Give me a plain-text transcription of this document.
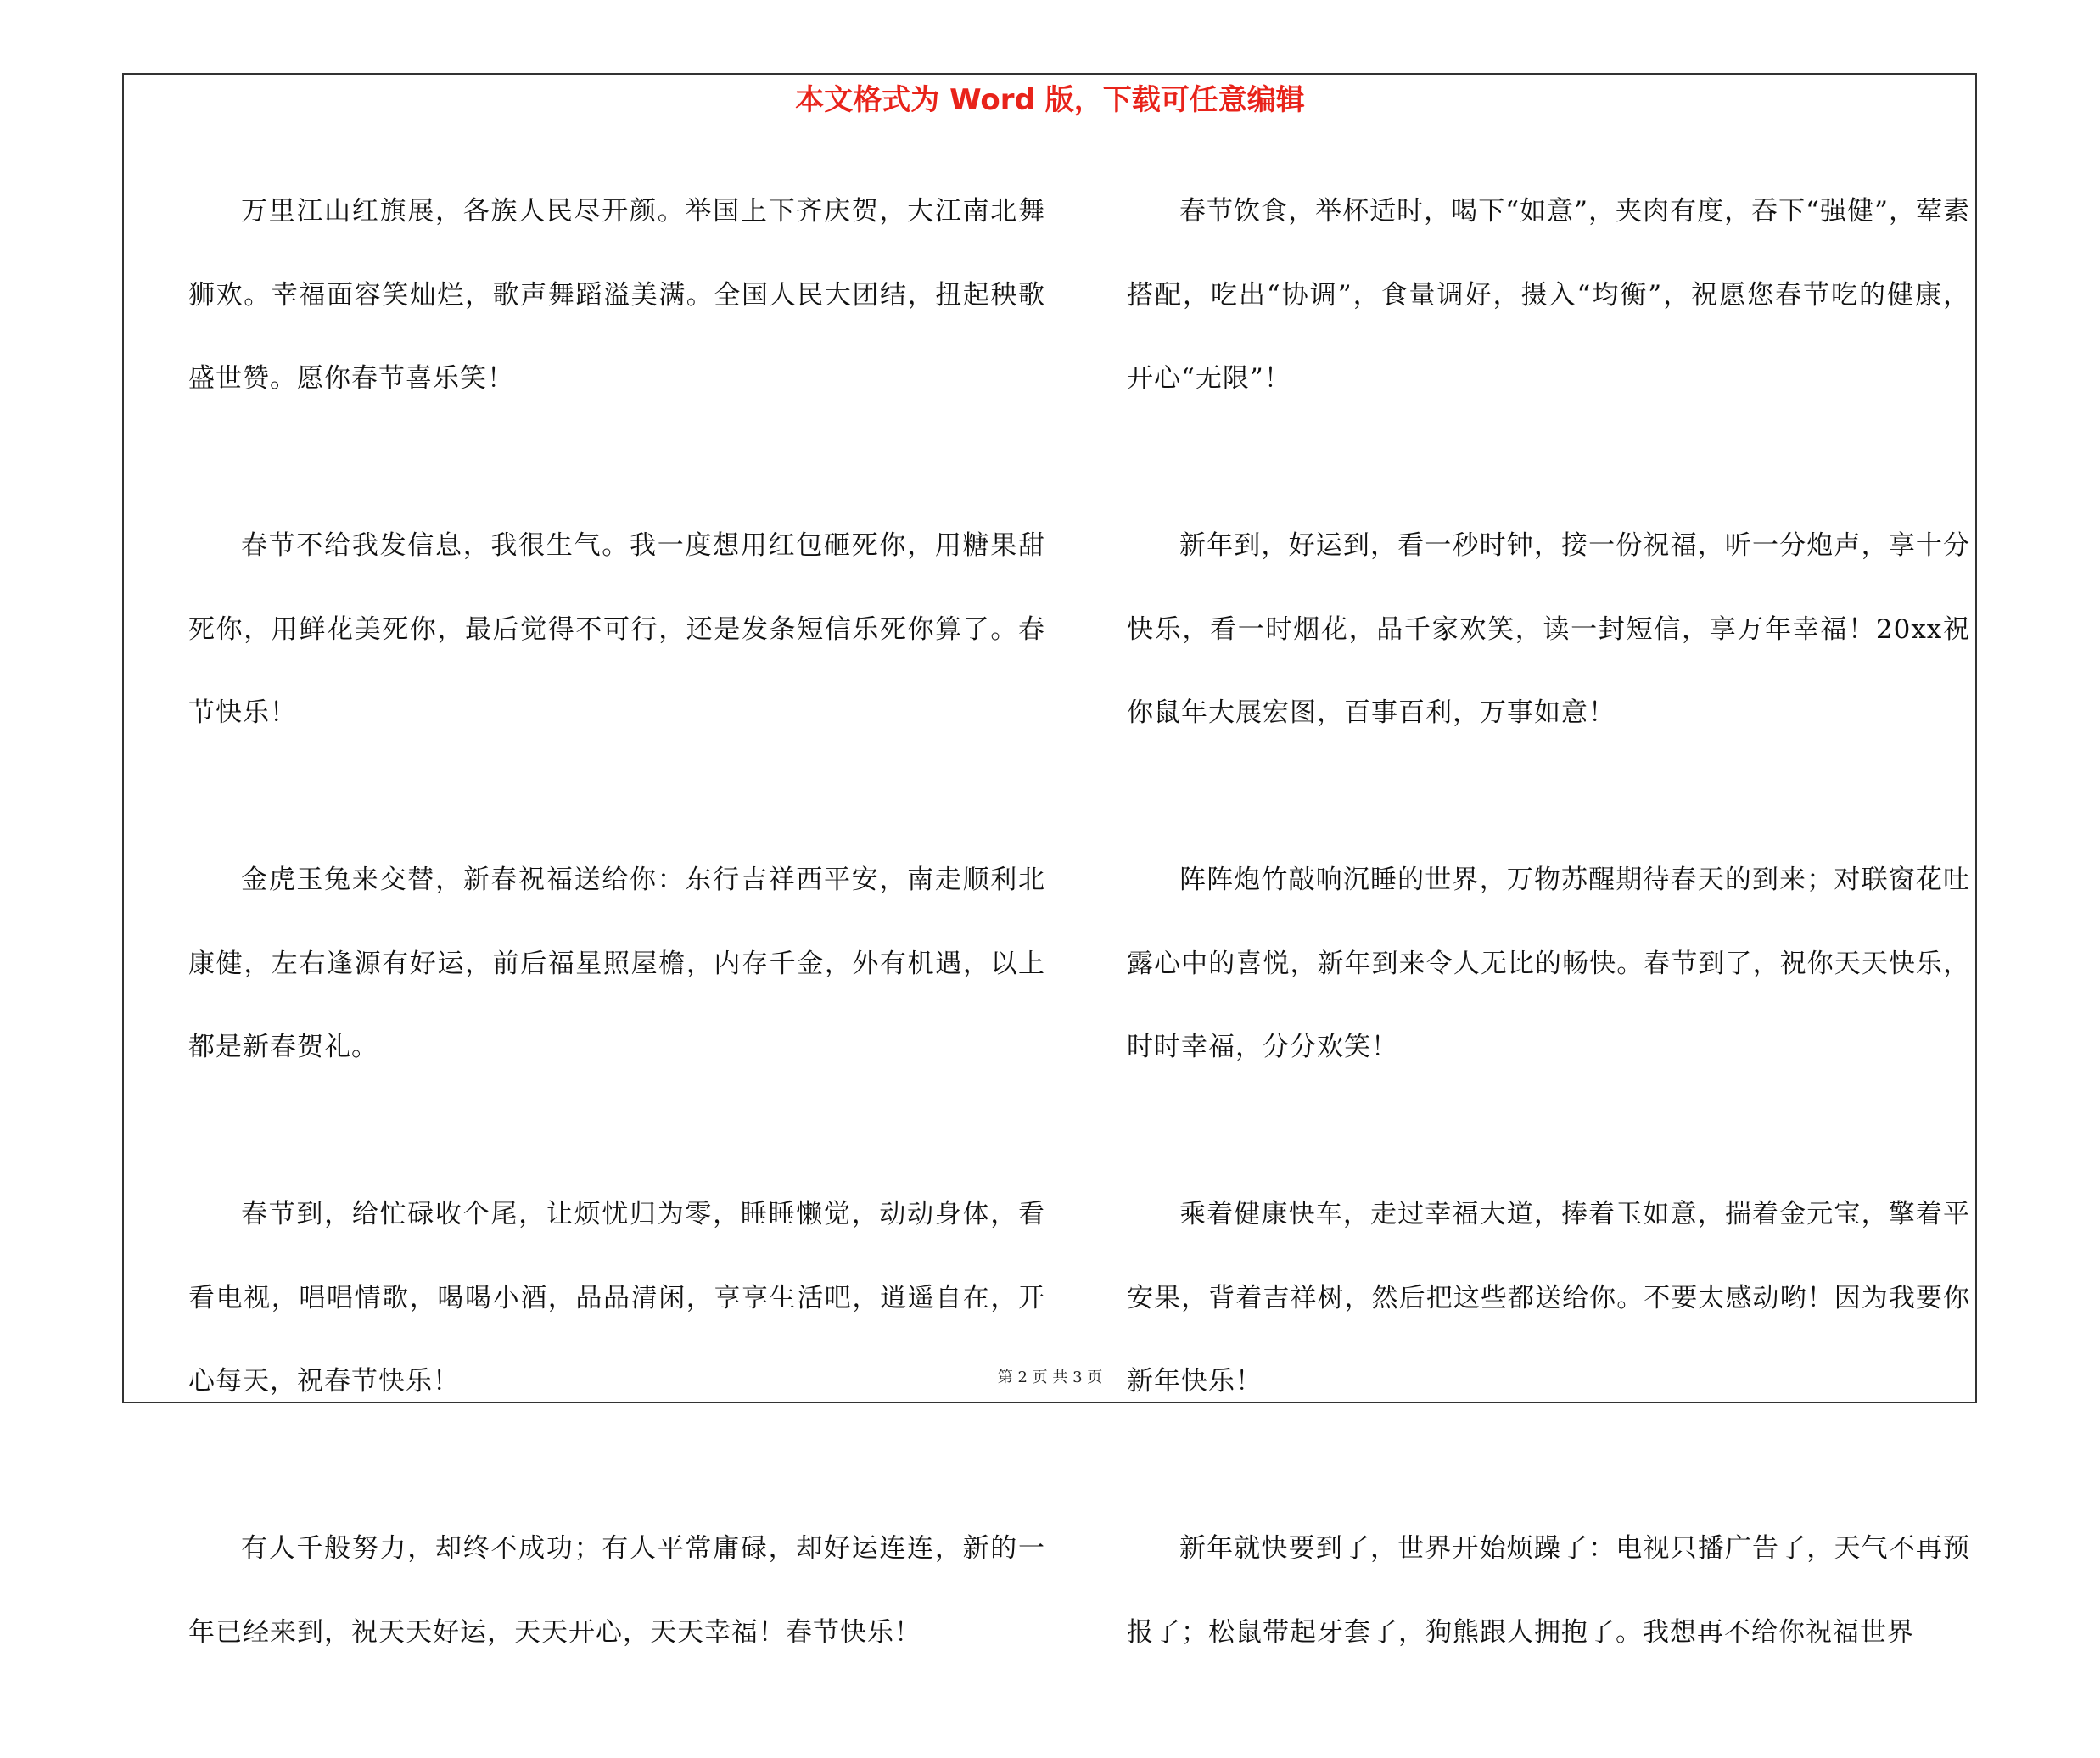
本文格式为 Word 版，下载可任意编辑

万里江山红旗展，各族人民尽开颜。举国上下齐庆贺，大江南北舞狮欢。幸福面容笑灿烂，歌声舞蹈溢美满。全国人民大团结，扭起秧歌盛世赞。愿你春节喜乐笑！

春节不给我发信息，我很生气。我一度想用红包砸死你，用糖果甜死你，用鲜花美死你，最后觉得不可行，还是发条短信乐死你算了。春节快乐！

金虎玉兔来交替，新春祝福送给你：东行吉祥西平安，南走顺利北康健，左右逢源有好运，前后福星照屋檐，内存千金，外有机遇，以上都是新春贺礼。

春节到，给忙碌收个尾，让烦忧归为零，睡睡懒觉，动动身体，看看电视，唱唱情歌，喝喝小酒，品品清闲，享享生活吧，逍遥自在，开心每天，祝春节快乐！

有人千般努力，却终不成功；有人平常庸碌，却好运连连，新的一年已经来到，祝天天好运，天天开心，天天幸福！春节快乐！

春节饮食，举杯适时，喝下“如意”，夹肉有度，吞下“强健”，荤素搭配，吃出“协调”，食量调好，摄入“均衡”，祝愿您春节吃的健康，开心“无限”！

新年到，好运到，看一秒时钟，接一份祝福，听一分炮声，享十分快乐，看一时烟花，品千家欢笑，读一封短信，享万年幸福！20xx祝你鼠年大展宏图，百事百利，万事如意！

阵阵炮竹敲响沉睡的世界，万物苏醒期待春天的到来；对联窗花吐露心中的喜悦，新年到来令人无比的畅快。春节到了，祝你天天快乐，时时幸福，分分欢笑！

乘着健康快车，走过幸福大道，捧着玉如意，揣着金元宝，擎着平安果，背着吉祥树，然后把这些都送给你。不要太感动哟！因为我要你新年快乐！

新年就快要到了，世界开始烦躁了：电视只播广告了，天气不再预报了；松鼠带起牙套了，狗熊跟人拥抱了。我想再不给你祝福世界

第 2 页 共 3 页
